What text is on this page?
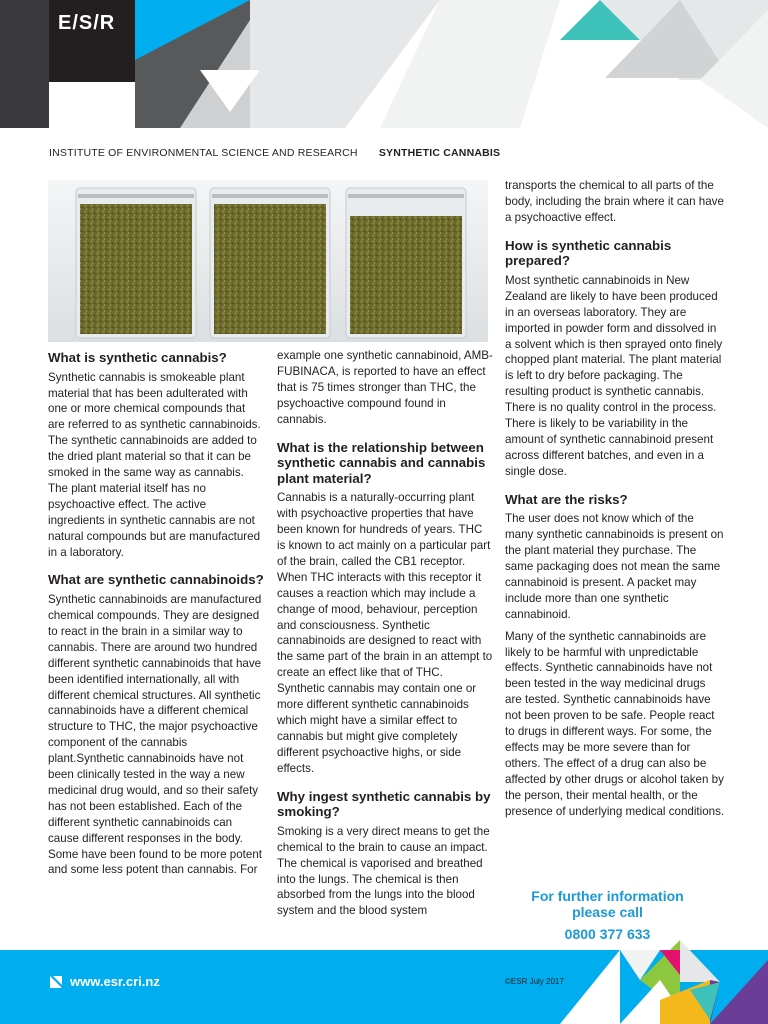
E/S/R
INSTITUTE OF ENVIRONMENTAL SCIENCE AND RESEARCH SYNTHETIC CANNABIS
What is synthetic cannabis?

Synthetic cannabis is smokeable plant material that has been adulterated with one or more chemical compounds that are referred to as synthetic cannabinoids. The synthetic cannabinoids are added to the dried plant material so that it can be smoked in the same way as cannabis. The plant material itself has no psychoactive effect. The active ingredients in synthetic cannabis are not natural compounds but are manufactured in a laboratory.

What are synthetic cannabinoids?

Synthetic cannabinoids are manufactured chemical compounds. They are designed to react in the brain in a similar way to cannabis. There are around two hundred different synthetic cannabinoids that have been identified internationally, all with different chemical structures. All synthetic cannabinoids have a different chemical structure to THC, the major psychoactive component of the cannabis plant.Synthetic cannabinoids have not been clinically tested in the way a new medicinal drug would, and so their safety has not been established. Each of the different synthetic cannabinoids can cause different responses in the body. Some have been found to be more potent and some less potent than cannabis. For

example one synthetic cannabinoid, AMB-FUBINACA, is reported to have an effect that is 75 times stronger than THC, the psychoactive compound found in cannabis.

What is the relationship between synthetic cannabis and cannabis plant material?

Cannabis is a naturally-occurring plant with psychoactive properties that have been known for hundreds of years. THC is known to act mainly on a particular part of the brain, called the CB1 receptor. When THC interacts with this receptor it causes a reaction which may include a change of mood, behaviour, perception and consciousness. Synthetic cannabinoids are designed to react with the same part of the brain in an attempt to create an effect like that of THC. Synthetic cannabis may contain one or more different synthetic cannabinoids which might have a similar effect to cannabis but might give completely different psychoactive highs, or side effects.

Why ingest synthetic cannabis by smoking?

Smoking is a very direct means to get the chemical to the brain to cause an impact. The chemical is vaporised and breathed into the lungs. The chemical is then absorbed from the lungs into the blood system and the blood system

transports the chemical to all parts of the body, including the brain where it can have a psychoactive effect.

How is synthetic cannabis prepared?

Most synthetic cannabinoids in New Zealand are likely to have been produced in an overseas laboratory. They are imported in powder form and dissolved in a solvent which is then sprayed onto finely chopped plant material. The plant material is left to dry before packaging. The resulting product is synthetic cannabis. There is no quality control in the process. There is likely to be variability in the amount of synthetic cannabinoid present across different batches, and even in a single dose.

What are the risks?

The user does not know which of the many synthetic cannabinoids is present on the plant material they purchase. The same packaging does not mean the same cannabinoid is present. A packet may include more than one synthetic cannabinoid.

Many of the synthetic cannabinoids are likely to be harmful with unpredictable effects. Synthetic cannabinoids have not been tested in the way medicinal drugs are tested. Synthetic cannabinoids have not been proven to be safe. People react to drugs in different ways. For some, the effects may be more severe than for others. The effect of a drug can also be affected by other drugs or alcohol taken by the person, their mental health, or the presence of underlying medical conditions.

For further information
please call
0800 377 633
www.esr.cri.nz	©ESR July 2017
